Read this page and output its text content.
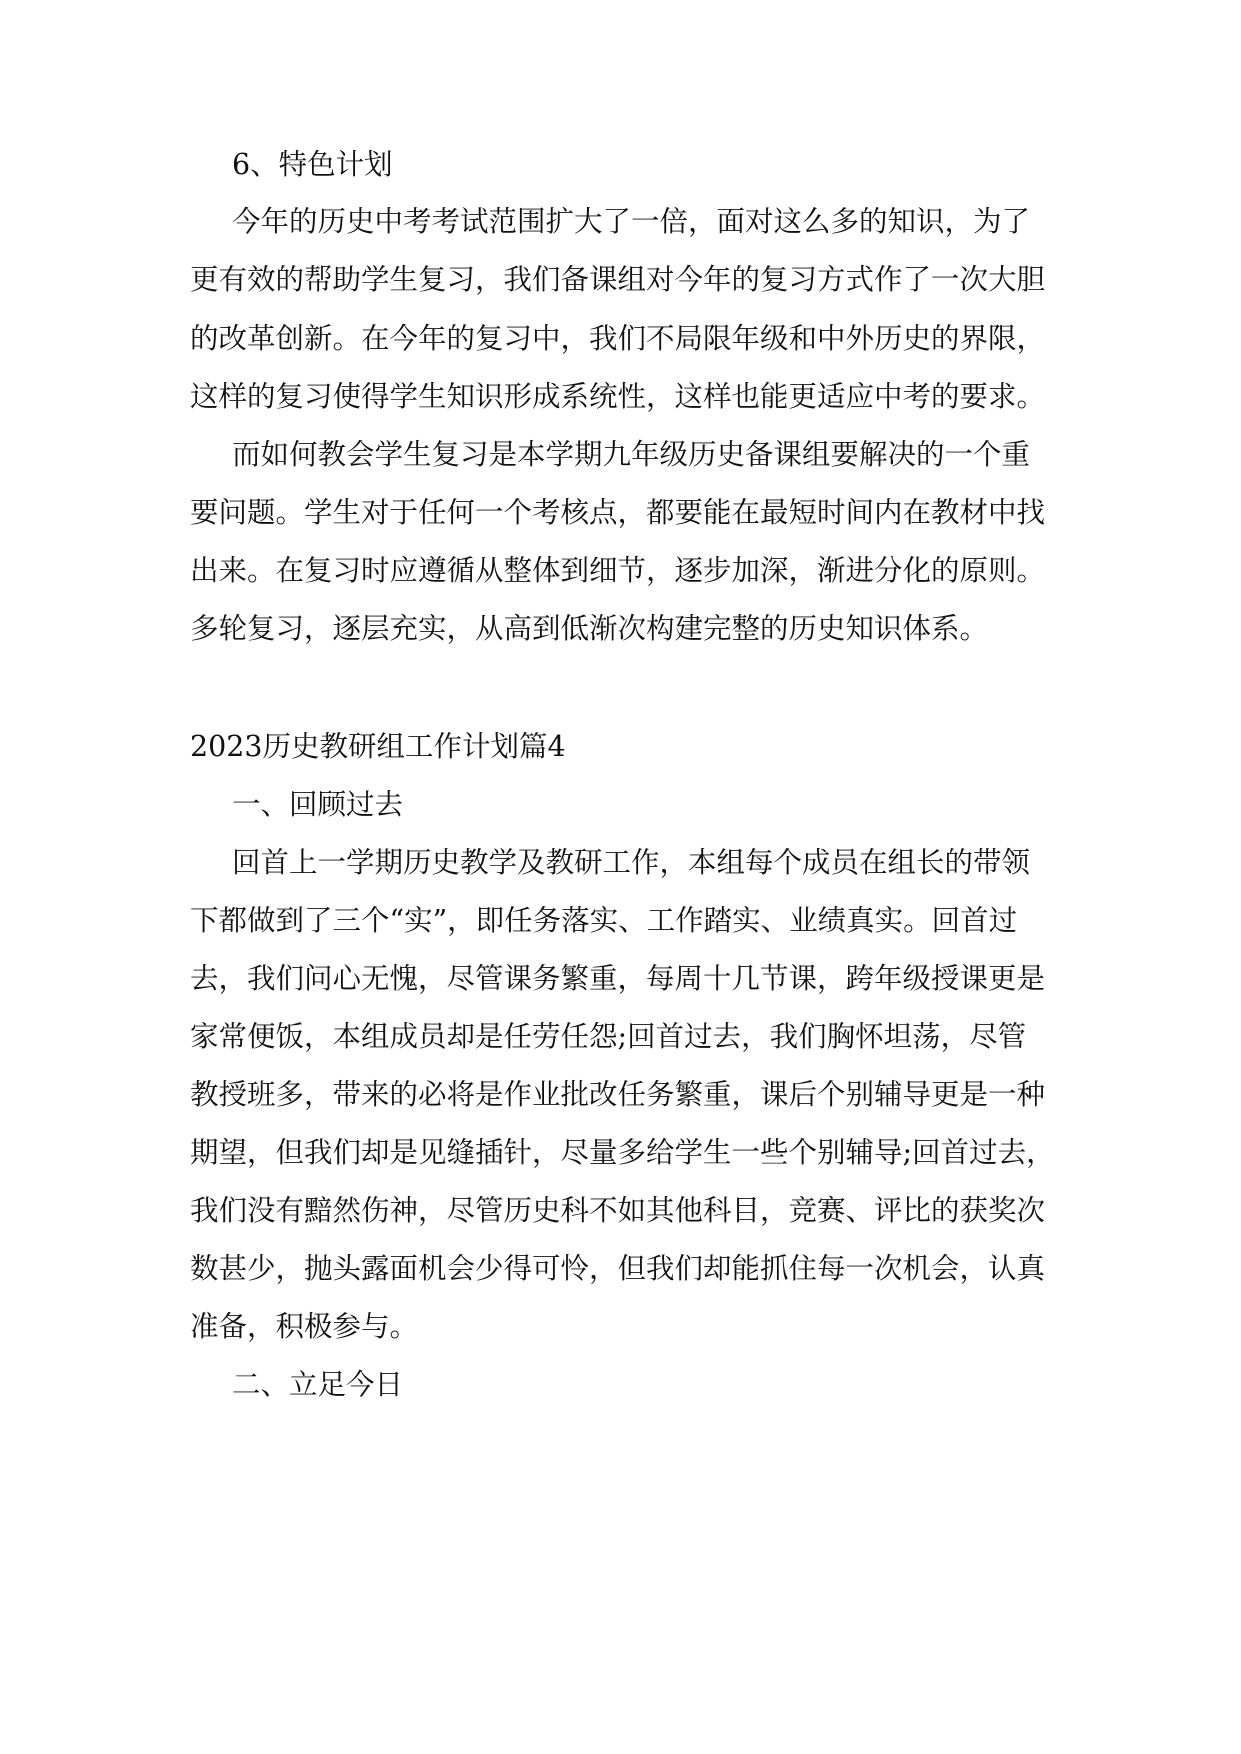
6、特色计划

今年的历史中考考试范围扩大了一倍，面对这么多的知识，为了

更有效的帮助学生复习，我们备课组对今年的复习方式作了一次大胆

的改革创新。在今年的复习中，我们不局限年级和中外历史的界限，

这样的复习使得学生知识形成系统性，这样也能更适应中考的要求。

而如何教会学生复习是本学期九年级历史备课组要解决的一个重

要问题。学生对于任何一个考核点，都要能在最短时间内在教材中找

出来。在复习时应遵循从整体到细节，逐步加深，渐进分化的原则。

多轮复习，逐层充实，从高到低渐次构建完整的历史知识体系。

2023历史教研组工作计划篇4

一、回顾过去

回首上一学期历史教学及教研工作，本组每个成员在组长的带领

下都做到了三个“实”，即任务落实、工作踏实、业绩真实。回首过

去，我们问心无愧，尽管课务繁重，每周十几节课，跨年级授课更是

家常便饭，本组成员却是任劳任怨;回首过去，我们胸怀坦荡，尽管

教授班多，带来的必将是作业批改任务繁重，课后个别辅导更是一种

期望，但我们却是见缝插针，尽量多给学生一些个别辅导;回首过去，

我们没有黯然伤神，尽管历史科不如其他科目，竞赛、评比的获奖次

数甚少，抛头露面机会少得可怜，但我们却能抓住每一次机会，认真

准备，积极参与。

二、立足今日
